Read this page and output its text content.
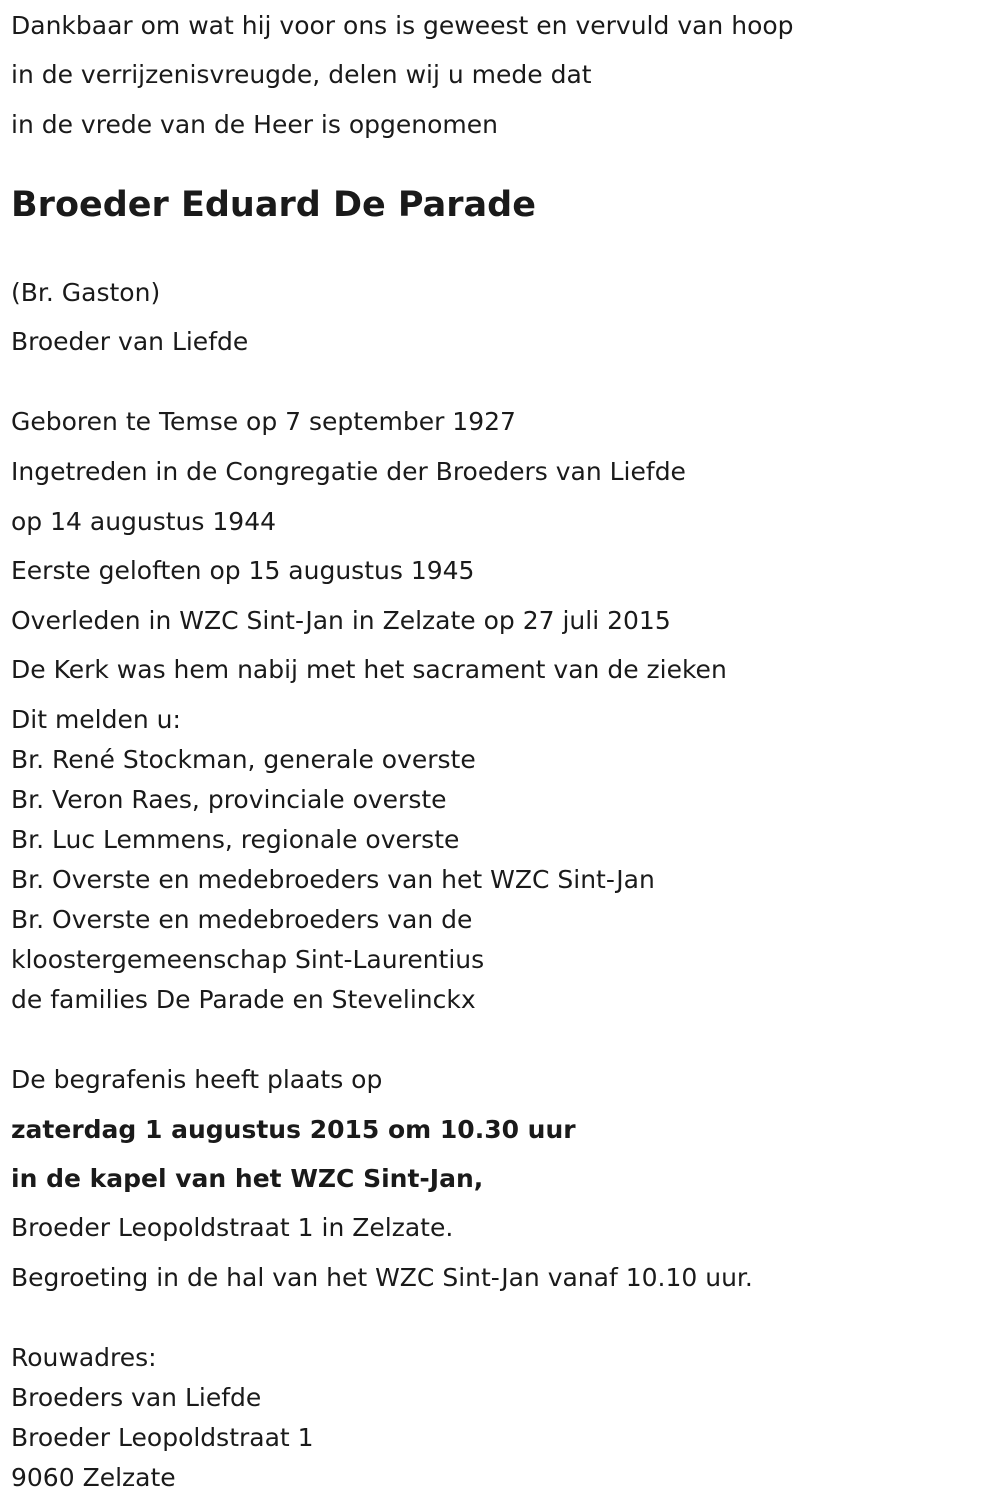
Dankbaar om wat hij voor ons is geweest en vervuld van hoop
in de verrijzenisvreugde, delen wij u mede dat
in de vrede van de Heer is opgenomen
Broeder Eduard De Parade
(Br. Gaston)
Broeder van Liefde
Geboren te Temse op 7 september 1927
Ingetreden in de Congregatie der Broeders van Liefde
op 14 augustus 1944
Eerste geloften op 15 augustus 1945
Overleden in WZC Sint-Jan in Zelzate op 27 juli 2015
De Kerk was hem nabij met het sacrament van de zieken
Dit melden u:
Br. René Stockman, generale overste
Br. Veron Raes, provinciale overste
Br. Luc Lemmens, regionale overste
Br. Overste en medebroeders van het WZC Sint-Jan
Br. Overste en medebroeders van de
kloostergemeenschap Sint-Laurentius
de families De Parade en Stevelinckx
De begrafenis heeft plaats op
zaterdag 1 augustus 2015 om 10.30 uur
in de kapel van het WZC Sint-Jan,
Broeder Leopoldstraat 1 in Zelzate.
Begroeting in de hal van het WZC Sint-Jan vanaf 10.10 uur.
Rouwadres:
Broeders van Liefde
Broeder Leopoldstraat 1
9060 Zelzate
